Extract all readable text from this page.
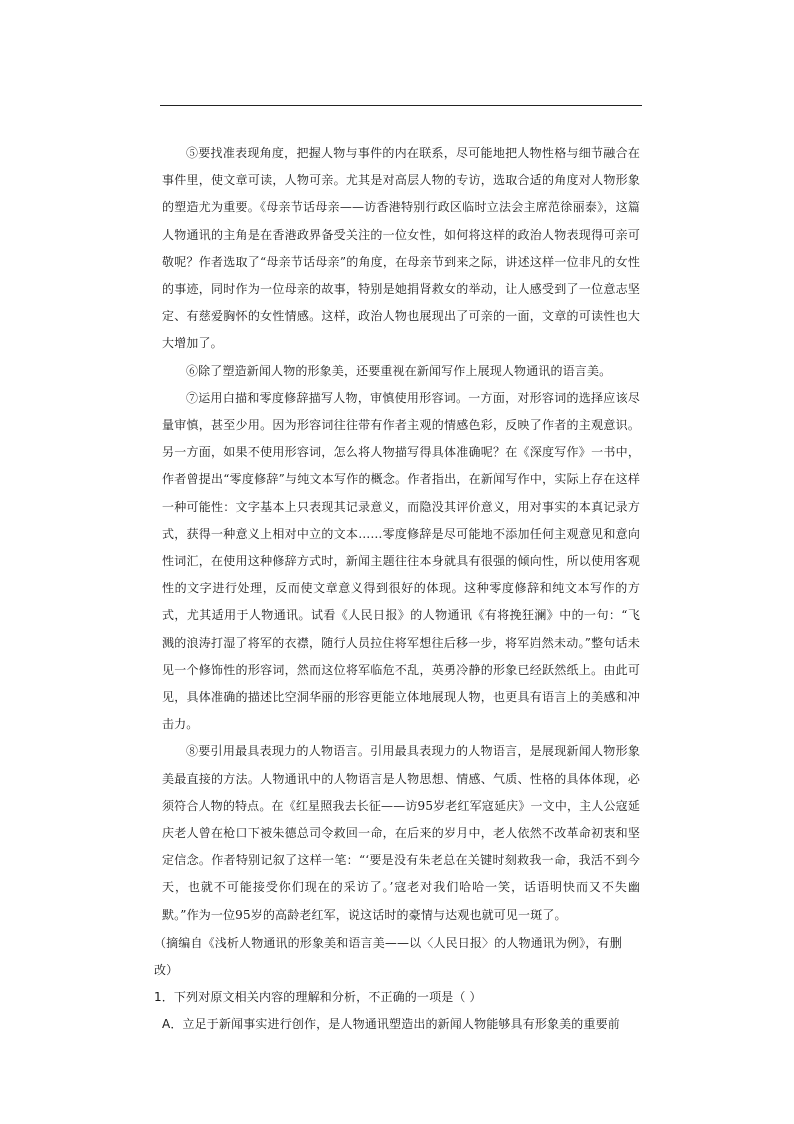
⑤要找准表现角度，把握人物与事件的内在联系，尽可能地把人物性格与细节融合在事件里，使文章可读，人物可亲。尤其是对高层人物的专访，选取合适的角度对人物形象的塑造尤为重要。《母亲节话母亲——访香港特别行政区临时立法会主席范徐丽泰》，这篇人物通讯的主角是在香港政界备受关注的一位女性，如何将这样的政治人物表现得可亲可敬呢？作者选取了“母亲节话母亲”的角度，在母亲节到来之际，讲述这样一位非凡的女性的事迹，同时作为一位母亲的故事，特别是她捐肾救女的举动，让人感受到了一位意志坚定、有慈爱胸怀的女性情感。这样，政治人物也展现出了可亲的一面，文章的可读性也大大增加了。

⑥除了塑造新闻人物的形象美，还要重视在新闻写作上展现人物通讯的语言美。

⑦运用白描和零度修辞描写人物，审慎使用形容词。一方面，对形容词的选择应该尽量审慎，甚至少用。因为形容词往往带有作者主观的情感色彩，反映了作者的主观意识。另一方面，如果不使用形容词，怎么将人物描写得具体准确呢？在《深度写作》一书中，作者曾提出“零度修辞”与纯文本写作的概念。作者指出，在新闻写作中，实际上存在这样一种可能性：文字基本上只表现其记录意义，而隐没其评价意义，用对事实的本真记录方式，获得一种意义上相对中立的文本……零度修辞是尽可能地不添加任何主观意见和意向性词汇，在使用这种修辞方式时，新闻主题往往本身就具有很强的倾向性，所以使用客观性的文字进行处理，反而使文章意义得到很好的体现。这种零度修辞和纯文本写作的方式，尤其适用于人物通讯。试看《人民日报》的人物通讯《有将挽狂澜》中的一句：“飞溅的浪涛打湿了将军的衣襟，随行人员拉住将军想往后移一步，将军岿然未动。”整句话未见一个修饰性的形容词，然而这位将军临危不乱，英勇冷静的形象已经跃然纸上。由此可见，具体准确的描述比空洞华丽的形容更能立体地展现人物，也更具有语言上的美感和冲击力。

⑧要引用最具表现力的人物语言。引用最具表现力的人物语言，是展现新闻人物形象美最直接的方法。人物通讯中的人物语言是人物思想、情感、气质、性格的具体体现，必须符合人物的特点。在《红星照我去长征——访95岁老红军寇延庆》一文中，主人公寇延庆老人曾在枪口下被朱德总司令救回一命，在后来的岁月中，老人依然不改革命初衷和坚定信念。作者特别记叙了这样一笔：“‘要是没有朱老总在关键时刻救我一命，我活不到今天，也就不可能接受你们现在的采访了。’寇老对我们哈哈一笑，话语明快而又不失幽默。”作为一位95岁的高龄老红军，说这话时的豪情与达观也就可见一斑了。

（摘编自《浅析人物通讯的形象美和语言美——以〈人民日报〉的人物通讯为例》，有删改）

1．下列对原文相关内容的理解和分析，不正确的一项是（ ）

A．立足于新闻事实进行创作，是人物通讯塑造出的新闻人物能够具有形象美的重要前
